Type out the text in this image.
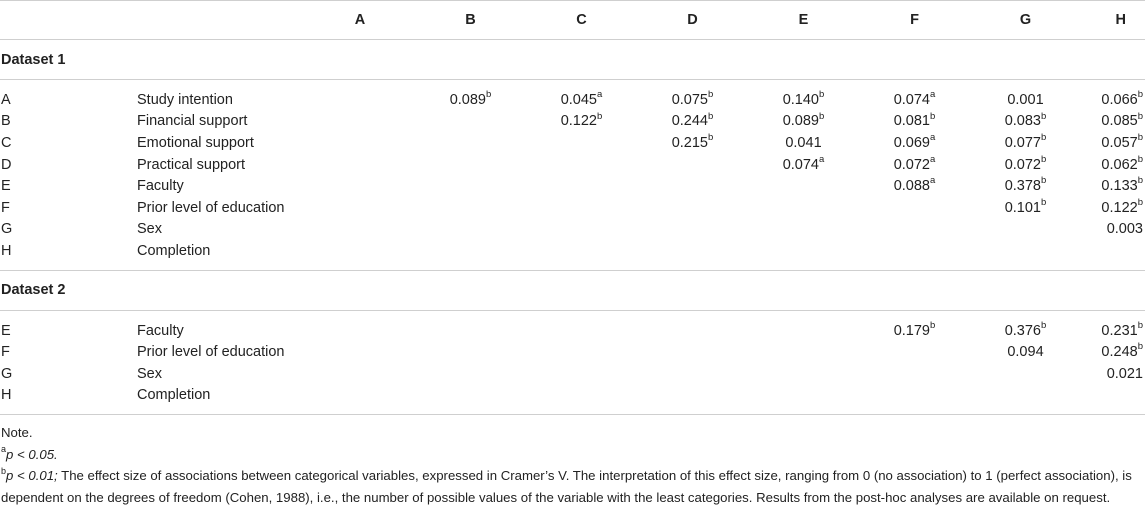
		A	B	C	D	E	F	G	H
Dataset 1									

A	Study intention		0.089$^b$	0.045$^a$	0.075$^b$	0.140$^b$	0.074$^a$	0.001	0.066$^b$
B	Financial support			0.122$^b$	0.244$^b$	0.089$^b$	0.081$^b$	0.083$^b$	0.085$^b$
C	Emotional support				0.215$^b$	0.041	0.069$^a$	0.077$^b$	0.057$^b$
D	Practical support					0.074$^a$	0.072$^a$	0.072$^b$	0.062$^b$
E	Faculty						0.088$^a$	0.378$^b$	0.133$^b$
F	Prior level of education							0.101$^b$	0.122$^b$
G	Sex								0.003
H	Completion								

Dataset 2									

E	Faculty						0.179$^b$	0.376$^b$	0.231$^b$
F	Prior level of education							0.094	0.248$^b$
G	Sex								0.021
H	Completion								

Note.
$^a$p < 0.05.
$^b$p < 0.01; The effect size of associations between categorical variables, expressed in Cramer’s V. The interpretation of this effect size, ranging from 0 (no association) to 1 (perfect association), is dependent on the degrees of freedom (Cohen, 1988), i.e., the number of possible values of the variable with the least categories. Results from the post-hoc analyses are available on request.
